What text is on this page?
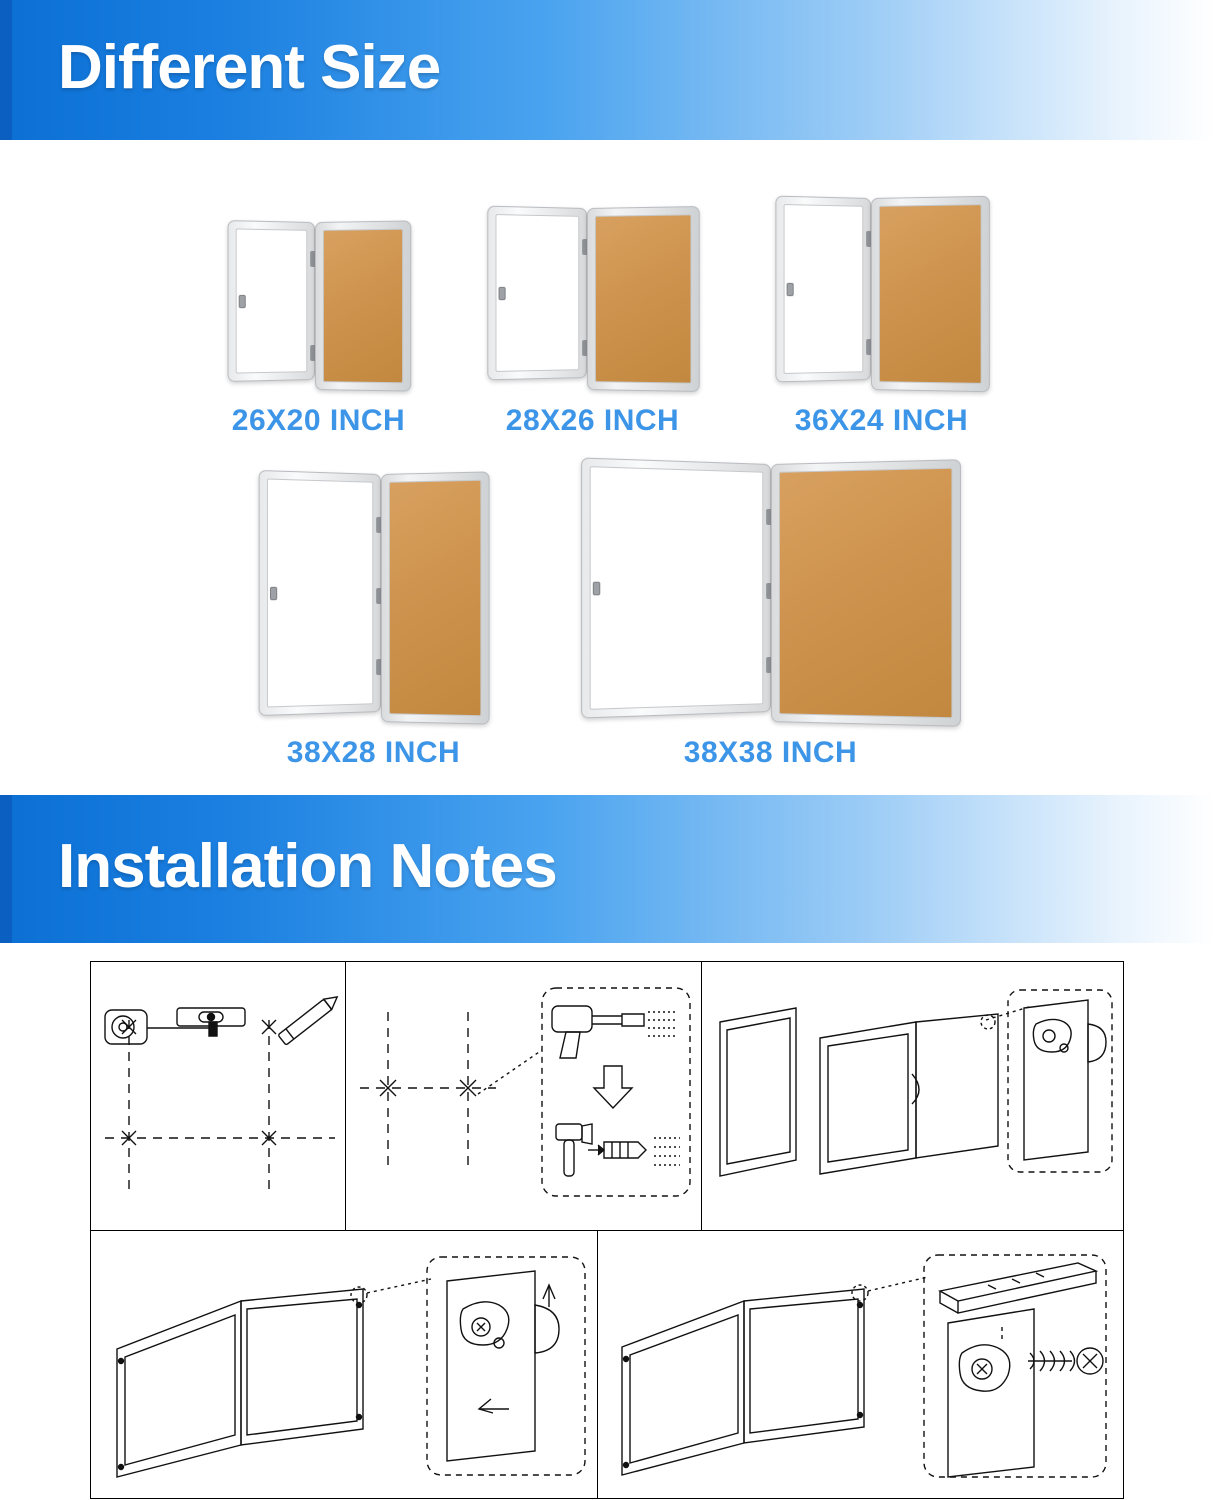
Different Size
26X20 INCH	28X26 INCH	36X24 INCH
38X28 INCH	38X38 INCH
Installation Notes
